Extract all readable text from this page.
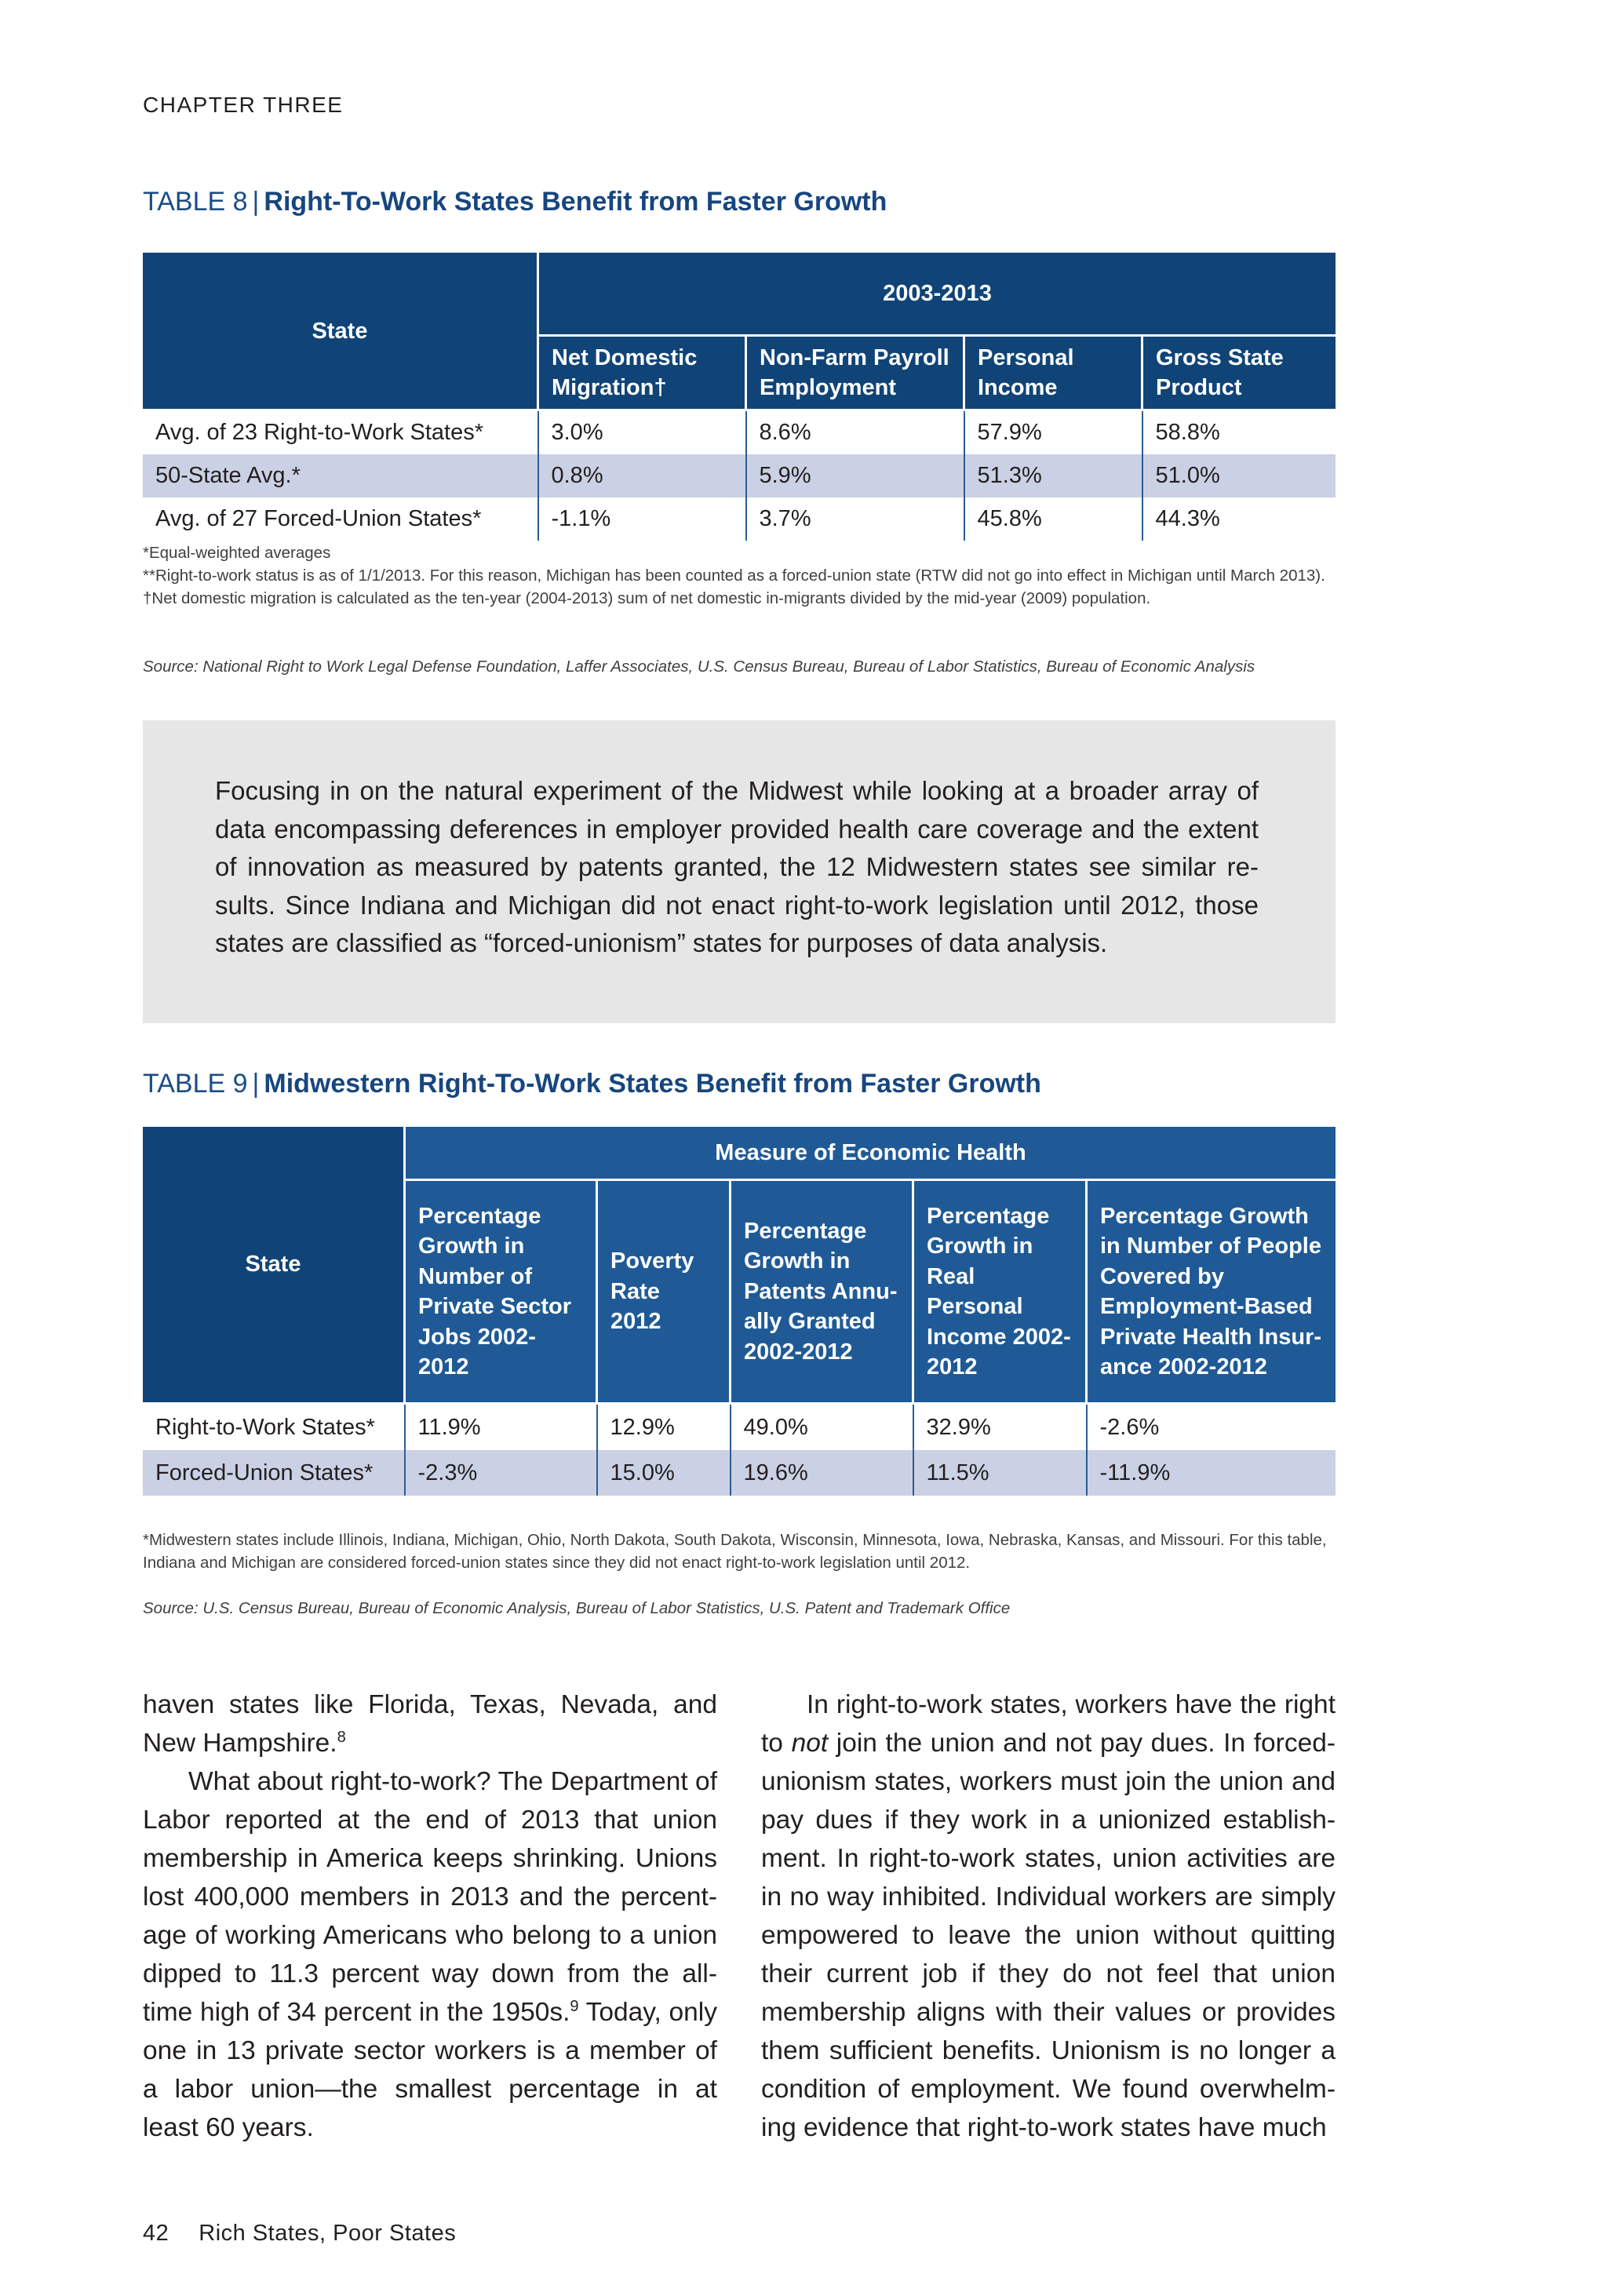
CHAPTER THREE
TABLE 8 | Right-To-Work States Benefit from Faster Growth
State	2003-2013			
	Net Domestic Migration†	Non-Farm Payroll Employment	Personal Income	Gross State Product
Avg. of 23 Right-to-Work States*	3.0%	8.6%	57.9%	58.8%
50-State Avg.*	0.8%	5.9%	51.3%	51.0%
Avg. of 27 Forced-Union States*	-1.1%	3.7%	45.8%	44.3%
*Equal-weighted averages
**Right-to-work status is as of 1/1/2013. For this reason, Michigan has been counted as a forced-union state (RTW did not go into effect in Michigan until March 2013).
†Net domestic migration is calculated as the ten-year (2004-2013) sum of net domestic in-migrants divided by the mid-year (2009) population.
Source: National Right to Work Legal Defense Foundation, Laffer Associates, U.S. Census Bureau, Bureau of Labor Statistics, Bureau of Economic Analysis

Focusing in on the natural experiment of the Midwest while looking at a broader array of data encompassing deferences in employer provided health care coverage and the extent of innovation as measured by patents granted, the 12 Midwestern states see similar re-sults. Since Indiana and Michigan did not enact right-to-work legislation until 2012, those states are classified as “forced-unionism” states for purposes of data analysis.

TABLE 9 | Midwestern Right-To-Work States Benefit from Faster Growth
State	Measure of Economic Health				
	Percentage Growth in Number of Private Sector Jobs 2002-2012	Poverty Rate 2012	Percentage Growth in Patents Annu-ally Granted 2002-2012	Percentage Growth in Real Personal Income 2002-2012	Percentage Growth in Number of People Covered by Employment-Based Private Health Insur-ance 2002-2012
Right-to-Work States*	11.9%	12.9%	49.0%	32.9%	-2.6%
Forced-Union States*	-2.3%	15.0%	19.6%	11.5%	-11.9%
*Midwestern states include Illinois, Indiana, Michigan, Ohio, North Dakota, South Dakota, Wisconsin, Minnesota, Iowa, Nebraska, Kansas, and Missouri. For this table, Indiana and Michigan are considered forced-union states since they did not enact right-to-work legislation until 2012.
Source: U.S. Census Bureau, Bureau of Economic Analysis, Bureau of Labor Statistics, U.S. Patent and Trademark Office

haven states like Florida, Texas, Nevada, and New Hampshire.$^8$

What about right-to-work? The Department of Labor reported at the end of 2013 that union membership in America keeps shrinking. Unions lost 400,000 members in 2013 and the percent-age of working Americans who belong to a union dipped to 11.3 percent way down from the all-time high of 34 percent in the 1950s.$^9$ Today, only one in 13 private sector workers is a member of a labor union—the smallest percentage in at least 60 years.

In right-to-work states, workers have the right to not join the union and not pay dues. In forced-unionism states, workers must join the union and pay dues if they work in a unionized establish-ment. In right-to-work states, union activities are in no way inhibited. Individual workers are simply empowered to leave the union without quitting their current job if they do not feel that union membership aligns with their values or provides them sufficient benefits. Unionism is no longer a condition of employment. We found overwhelm-ing evidence that right-to-work states have much

42 Rich States, Poor States
